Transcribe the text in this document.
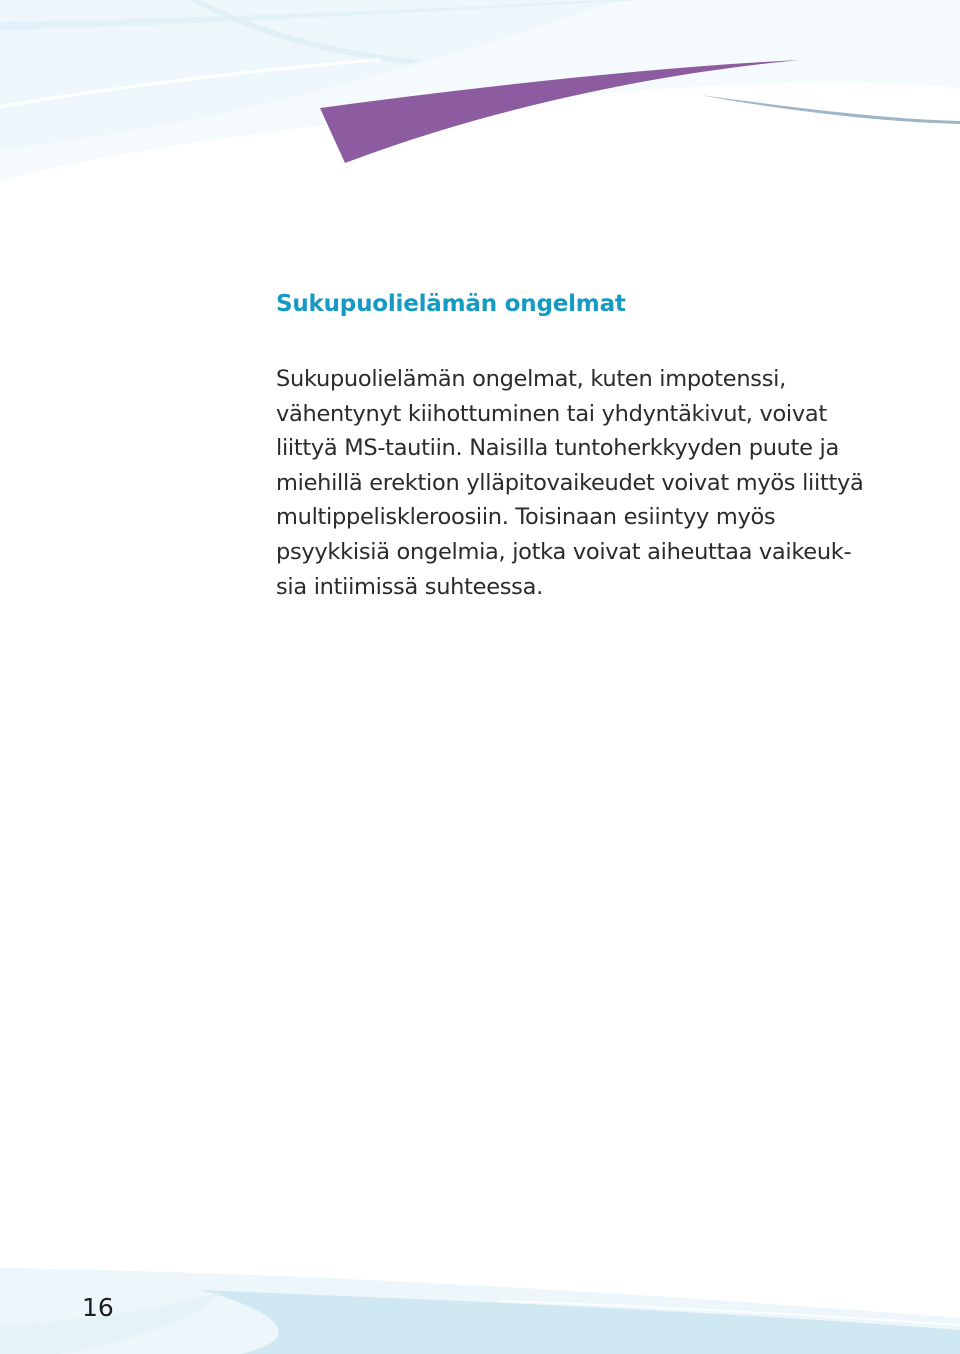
Sukupuolielämän ongelmat

Sukupuolielämän ongelmat, kuten impotenssi,
vähentynyt kiihottuminen tai yhdyntäkivut, voivat
liittyä MS-tautiin. Naisilla tuntoherkkyyden puute ja
miehillä erektion ylläpitovaikeudet voivat myös liittyä
multippeliskleroosiin. Toisinaan esiintyy myös
psyykkisiä ongelmia, jotka voivat aiheuttaa vaikeuk-
sia intiimissä suhteessa.

16
